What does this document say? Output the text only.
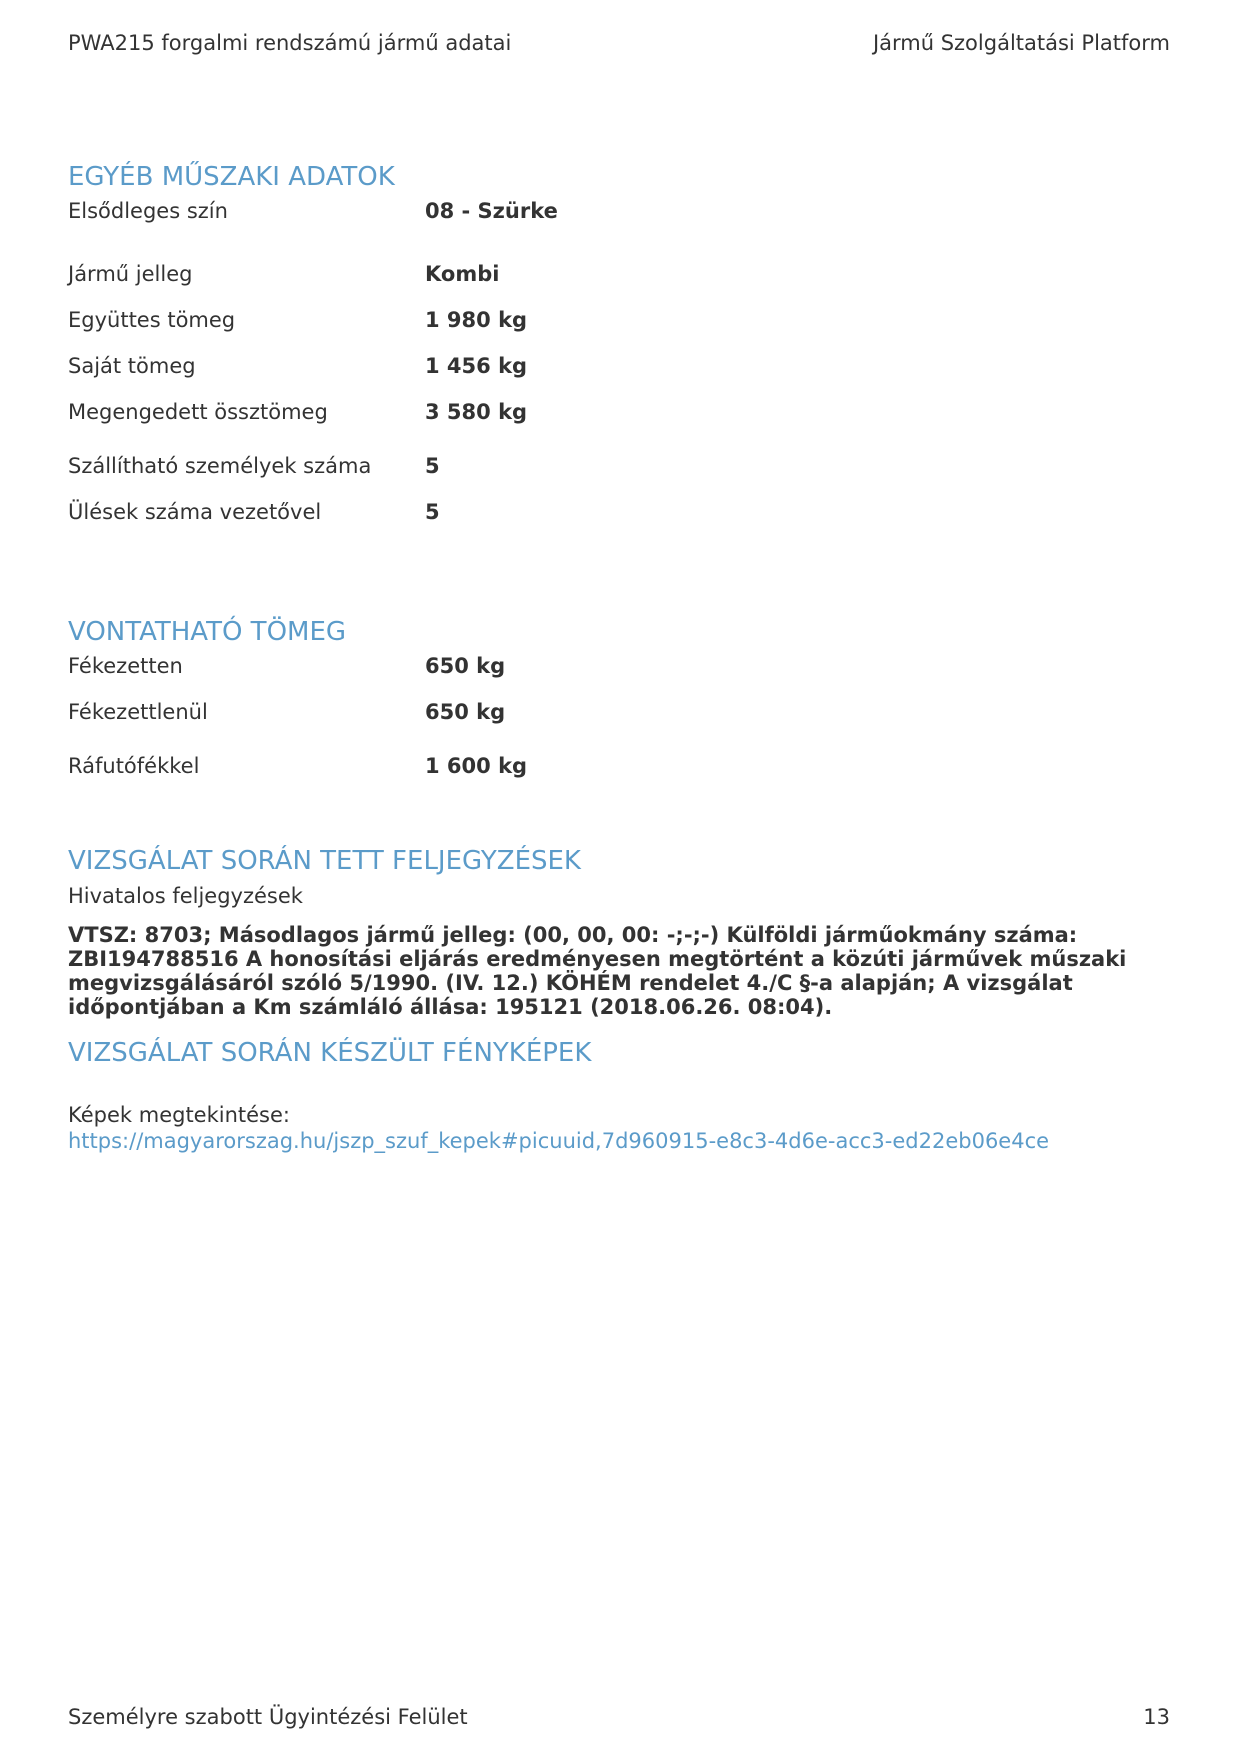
PWA215 forgalmi rendszámú jármű adatai	Jármű Szolgáltatási Platform
EGYÉB MŰSZAKI ADATOK
Elsődleges szín	08 - Szürke
Jármű jelleg	Kombi
Együttes tömeg	1 980 kg
Saját tömeg	1 456 kg
Megengedett össztömeg	3 580 kg
Szállítható személyek száma	5
Ülések száma vezetővel	5
VONTATHATÓ TÖMEG
Fékezetten	650 kg
Fékezettlenül	650 kg
Ráfutófékkel	1 600 kg
VIZSGÁLAT SORÁN TETT FELJEGYZÉSEK
Hivatalos feljegyzések
VTSZ: 8703; Másodlagos jármű jelleg: (00, 00, 00: -;-;-) Külföldi járműokmány száma:
ZBI194788516 A honosítási eljárás eredményesen megtörtént a közúti járművek műszaki
megvizsgálásáról szóló 5/1990. (IV. 12.) KÖHÉM rendelet 4./C §-a alapján; A vizsgálat
időpontjában a Km számláló állása: 195121 (2018.06.26. 08:04).
VIZSGÁLAT SORÁN KÉSZÜLT FÉNYKÉPEK
Képek megtekintése:
https://magyarorszag.hu/jszp_szuf_kepek#picuuid,7d960915-e8c3-4d6e-acc3-ed22eb06e4ce
Személyre szabott Ügyintézési Felület	13
